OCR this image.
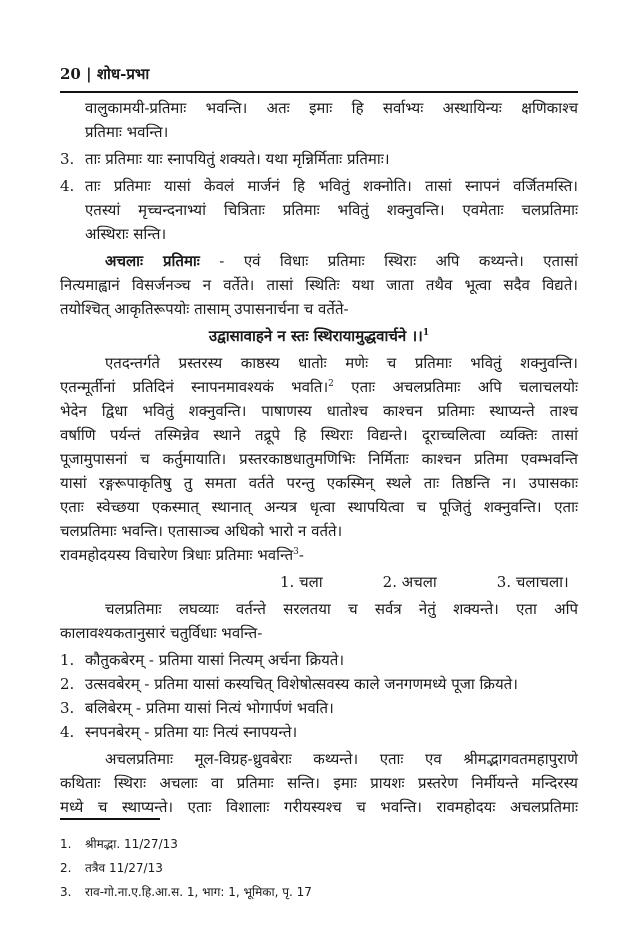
20 | शोध-प्रभा
वालुकामयी-प्रतिमाः भवन्ति। अतः इमाः हि सर्वाभ्यः अस्थायिन्यः क्षणिकाश्च
प्रतिमाः भवन्ति।
3. ताः प्रतिमाः याः स्नापयितुं शक्यते। यथा मृन्निर्मिताः प्रतिमाः।
4. ताः प्रतिमाः यासां केवलं मार्जनं हि भवितुं शक्नोति। तासां स्नापनं वर्जितमस्ति।
एतस्यां मृच्चन्दनाभ्यां चित्रिताः प्रतिमाः भवितुं शक्नुवन्ति। एवमेताः चलप्रतिमाः
अस्थिराः सन्ति।
अचलाः प्रतिमाः - एवं विधाः प्रतिमाः स्थिराः अपि कथ्यन्ते। एतासां
नित्यमाह्वानं विसर्जनञ्च न वर्तेते। तासां स्थितिः यथा जाता तथैव भूत्वा सदैव विद्यते।
तयोश्चित् आकृतिरूपयोः तासाम् उपासनार्चना च वर्तेते-
उद्वासावाहने न स्तः स्थिरायामुद्धवार्चने ।।$^1$
एतदन्तर्गते प्रस्तरस्य काष्ठस्य धातोः मणेः च प्रतिमाः भवितुं शक्नुवन्ति।
एतन्मूर्तीनां प्रतिदिनं स्नापनमावश्यकं भवति।$^2$ एताः अचलप्रतिमाः अपि चलाचलयोः
भेदेन द्विधा भवितुं शक्नुवन्ति। पाषाणस्य धातोश्च काश्चन प्रतिमाः स्थाप्यन्ते ताश्च
वर्षाणि पर्यन्तं तस्मिन्नेव स्थाने तद्रूपे हि स्थिराः विद्यन्ते। दूराच्चलित्वा व्यक्तिः तासां
पूजामुपासनां च कर्तुमायाति। प्रस्तरकाष्ठधातुमणिभिः निर्मिताः काश्चन प्रतिमा एवम्भवन्ति
यासां रङ्गरूपाकृतिषु तु समता वर्तते परन्तु एकस्मिन् स्थले ताः तिष्ठन्ति न। उपासकाः
एताः स्वेच्छया एकस्मात् स्थानात् अन्यत्र धृत्वा स्थापयित्वा च पूजितुं शक्नुवन्ति। एताः
चलप्रतिमाः भवन्ति। एतासाञ्च अधिको भारो न वर्तते।
रावमहोदयस्य विचारेण त्रिधाः प्रतिमाः भवन्ति$^3$-
1. चला	2. अचला	3. चलाचला।
चलप्रतिमाः लघव्याः वर्तन्ते सरलतया च सर्वत्र नेतुं शक्यन्ते। एता अपि
कालावश्यकतानुसारं चतुर्विधाः भवन्ति-
1. कौतुकबेरम् - प्रतिमा यासां नित्यम् अर्चना क्रियते।
2. उत्सवबेरम् - प्रतिमा यासां कस्यचित् विशेषोत्सवस्य काले जनगणमध्ये पूजा क्रियते।
3. बलिबेरम् - प्रतिमा यासां नित्यं भोगार्पणं भवति।
4. स्नपनबेरम् - प्रतिमा याः नित्यं स्नापयन्ते।
अचलप्रतिमाः मूल-विग्रह-ध्रुवबेराः कथ्यन्ते। एताः एव श्रीमद्भागवतमहापुराणे
कथिताः स्थिराः अचलाः वा प्रतिमाः सन्ति। इमाः प्रायशः प्रस्तरेण निर्मीयन्ते मन्दिरस्य
मध्ये च स्थाप्यन्ते। एताः विशालाः गरीयस्यश्च च भवन्ति। रावमहोदयः अचलप्रतिमाः
1. श्रीमद्भा. 11/27/13
2. तत्रैव 11/27/13
3. राव-गो.ना.ए.हि.आ.स. 1, भाग: 1, भूमिका, पृ. 17
